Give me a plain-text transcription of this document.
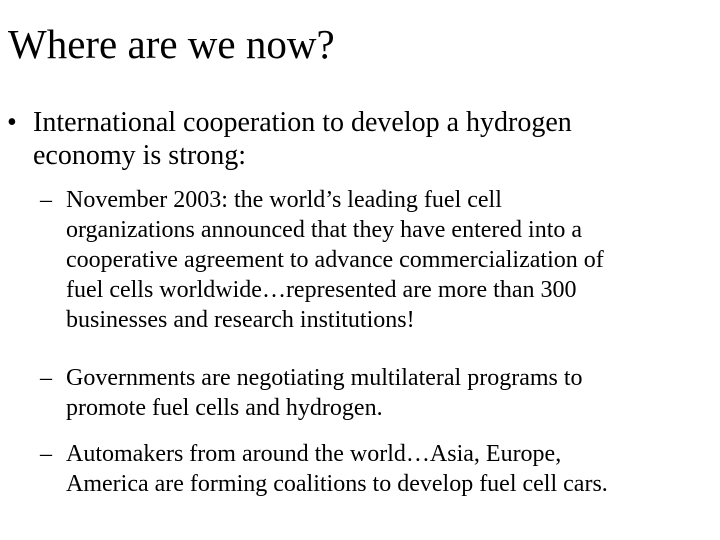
Where are we now?
• International cooperation to develop a hydrogen
economy is strong:
– November 2003: the world’s leading fuel cell
organizations announced that they have entered into a
cooperative agreement to advance commercialization of
fuel cells worldwide…represented are more than 300
businesses and research institutions!
– Governments are negotiating multilateral programs to
promote fuel cells and hydrogen.
– Automakers from around the world…Asia, Europe,
America are forming coalitions to develop fuel cell cars.
